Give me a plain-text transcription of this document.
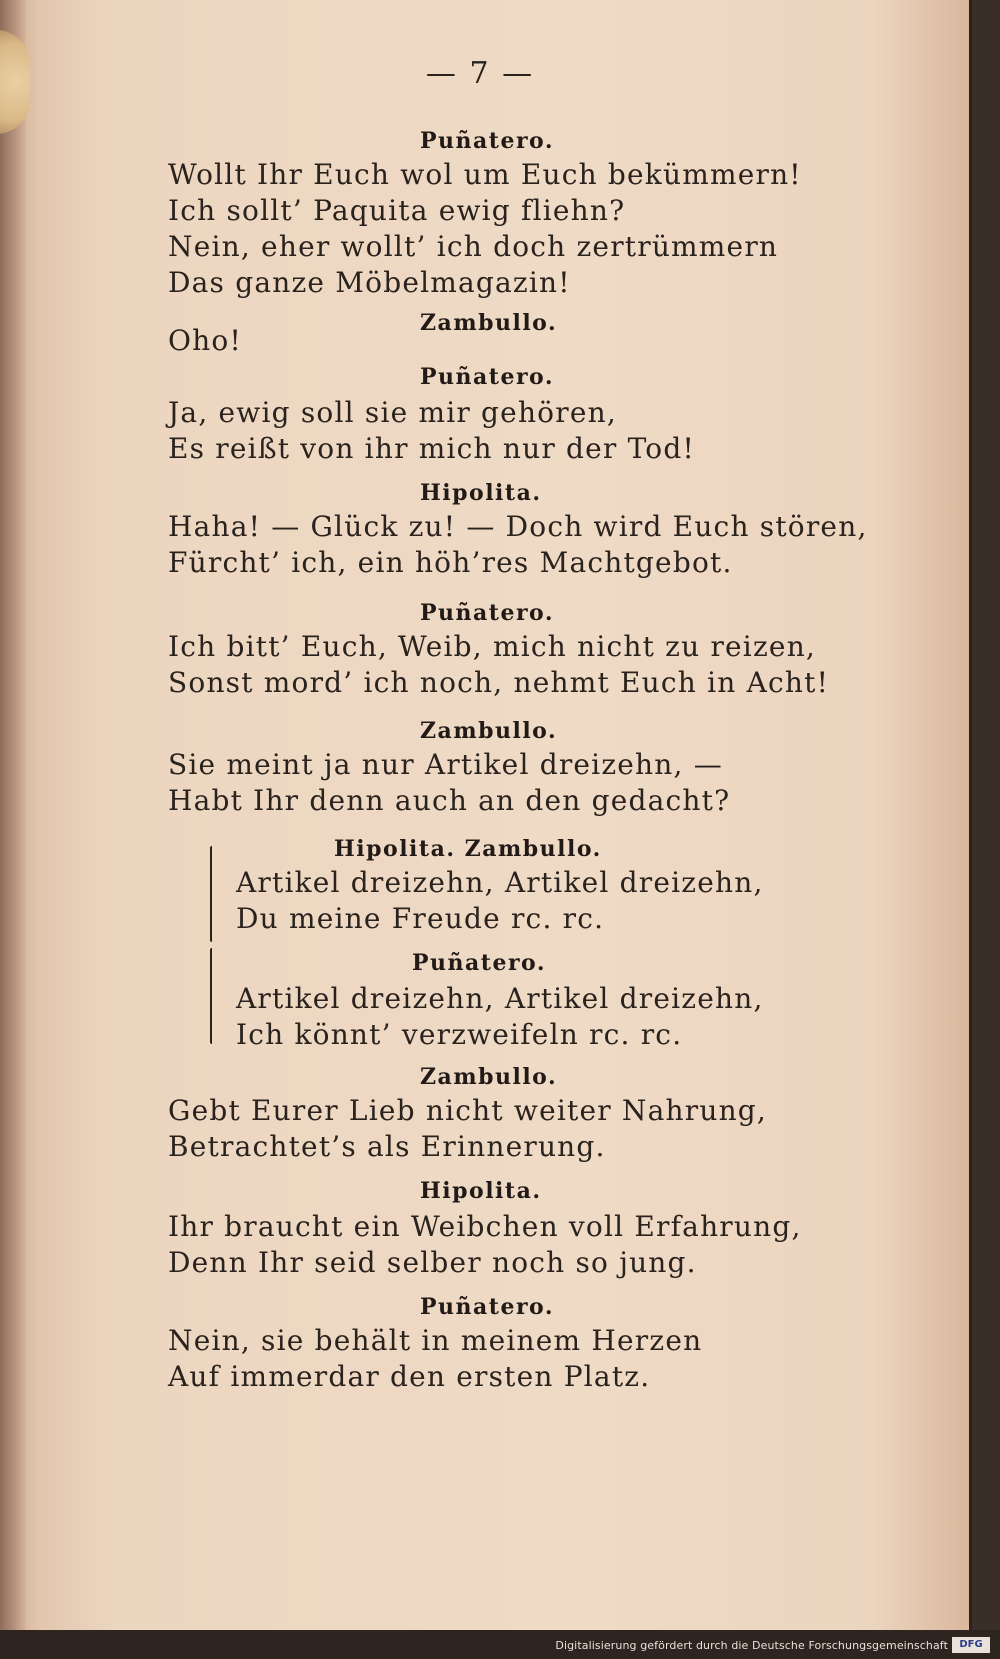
— 7 —
Puñatero.
Wollt Ihr Euch wol um Euch bekümmern!
Ich sollt’ Paquita ewig fliehn?
Nein, eher wollt’ ich doch zertrümmern
Das ganze Möbelmagazin!
Zambullo.
Oho!
Puñatero.
Ja, ewig soll sie mir gehören,
Es reißt von ihr mich nur der Tod!
Hipolita.
Haha! — Glück zu! — Doch wird Euch stören,
Fürcht’ ich, ein höh’res Machtgebot.
Puñatero.
Ich bitt’ Euch, Weib, mich nicht zu reizen,
Sonst mord’ ich noch, nehmt Euch in Acht!
Zambullo.
Sie meint ja nur Artikel dreizehn, —
Habt Ihr denn auch an den gedacht?
Hipolita. Zambullo.
Artikel dreizehn, Artikel dreizehn,
Du meine Freude rc. rc.
Puñatero.
Artikel dreizehn, Artikel dreizehn,
Ich könnt’ verzweifeln rc. rc.
Zambullo.
Gebt Eurer Lieb nicht weiter Nahrung,
Betrachtet’s als Erinnerung.
Hipolita.
Ihr braucht ein Weibchen voll Erfahrung,
Denn Ihr seid selber noch so jung.
Puñatero.
Nein, sie behält in meinem Herzen
Auf immerdar den ersten Platz.
Digitalisierung gefördert durch die Deutsche Forschungsgemeinschaft	DFG
